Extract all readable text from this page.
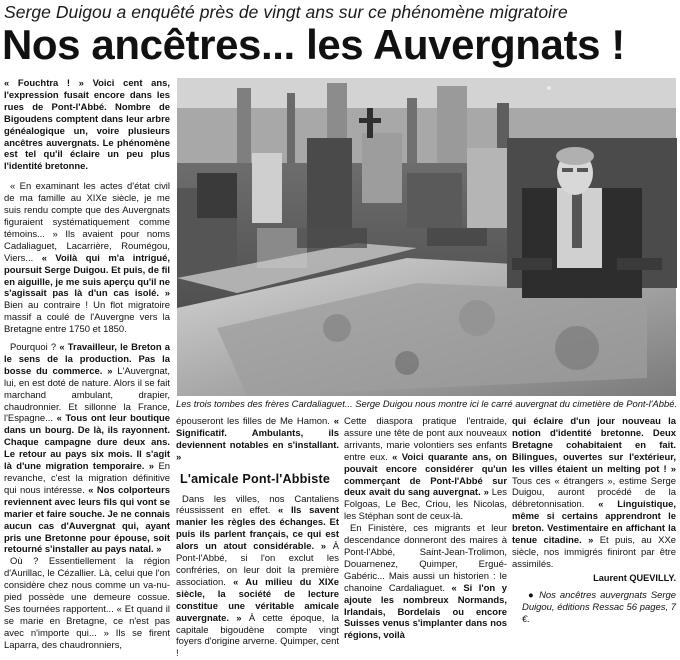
Serge Duigou a enquêté près de vingt ans sur ce phénomène migratoire
Nos ancêtres... les Auvergnats !

« Fouchtra ! » Voici cent ans, l'expression fusait encore dans les rues de Pont-l'Abbé. Nombre de Bigoudens comptent dans leur arbre généalogique un, voire plusieurs ancêtres auvergnats. Le phénomène est tel qu'il éclaire un peu plus l'identité bretonne.

« En examinant les actes d'état civil de ma famille au XIXe siècle, je me suis rendu compte que des Auvergnats figuraient systématiquement comme témoins... » Ils avaient pour noms Cadaliaguet, Lacarrière, Roumégou, Viers... « Voilà qui m'a intrigué, poursuit Serge Duigou. Et puis, de fil en aiguille, je me suis aperçu qu'il ne s'agissait pas là d'un cas isolé. » Bien au contraire ! Un flot migratoire massif a coulé de l'Auvergne vers la Bretagne entre 1750 et 1850.

Pourquoi ? « Travailleur, le Breton a le sens de la production. Pas la bosse du commerce. » L'Auvergnat, lui, en est doté de nature. Alors il se fait marchand ambulant, drapier, chaudronnier. Et sillonne la France, l'Espagne... « Tous ont leur boutique dans un bourg. De là, ils rayonnent. Chaque campagne dure deux ans. Le retour au pays six mois. Il s'agit là d'une migration temporaire. » En revanche, c'est la migration définitive qui nous intéresse. « Nos colporteurs reviennent avec leurs fils qui vont se marier et faire souche. Je ne connais aucun cas d'Auvergnat qui, ayant pris une Bretonne pour épouse, soit retourné s'installer au pays natal. »

Où ? Essentiellement la région d'Aurillac, le Cézallier. Là, celui que l'on considère chez nous comme un va-nu-pied possède une demeure cossue. Ses tournées rapportent... « Et quand il se marie en Bretagne, ce n'est pas avec n'importe qui... » Ils se firent Laparra, des chaudronniers,

Les trois tombes des frères Cardaliaguet... Serge Duigou nous montre ici le carré auvergnat du cimetière de Pont-l'Abbé.

épouseront les filles de Me Hamon. « Significatif. Ambulants, ils deviennent notables en s'installant. »

L'amicale Pont-l'Abbiste

Dans les villes, nos Cantaliens réussissent en effet. « Ils savent manier les règles des échanges. Et puis ils parlent français, ce qui est alors un atout considérable. » À Pont-l'Abbé, si l'on exclut les confréries, on leur doit la première association. « Au milieu du XIXe siècle, la société de lecture constitue une véritable amicale auvergnate. » À cette époque, la capitale bigoudène compte vingt foyers d'origine arverne. Quimper, cent !

Cette diaspora pratique l'entraide, assure une tête de pont aux nouveaux arrivants, marie volontiers ses enfants entre eux. « Voici quarante ans, on pouvait encore considérer qu'un commerçant de Pont-l'Abbé sur deux avait du sang auvergnat. » Les Folgoas, Le Bec, Criou, les Nicolas, les Stéphan sont de ceux-là.

En Finistère, ces migrants et leur descendance donneront des maires à Pont-l'Abbé, Saint-Jean-Trolimon, Douarnenez, Quimper, Ergué-Gabéric... Mais aussi un historien : le chanoine Cardaliaguet. « Si l'on y ajoute les nombreux Normands, Irlandais, Bordelais ou encore Suisses venus s'implanter dans nos régions, voilà

qui éclaire d'un jour nouveau la notion d'identité bretonne. Deux Bretagne cohabitaient en fait. Bilingues, ouvertes sur l'extérieur, les villes étaient un melting pot ! » Tous ces « étrangers », estime Serge Duigou, auront procédé de la débretonnisation. « Linguistique, même si certains apprendront le breton. Vestimentaire en affichant la tenue citadine. » Et puis, au XXe siècle, nos immigrés finiront par être assimilés.

Laurent QUEVILLY.

● Nos ancêtres auvergnats Serge Duigou, éditions Ressac 56 pages, 7 €.
